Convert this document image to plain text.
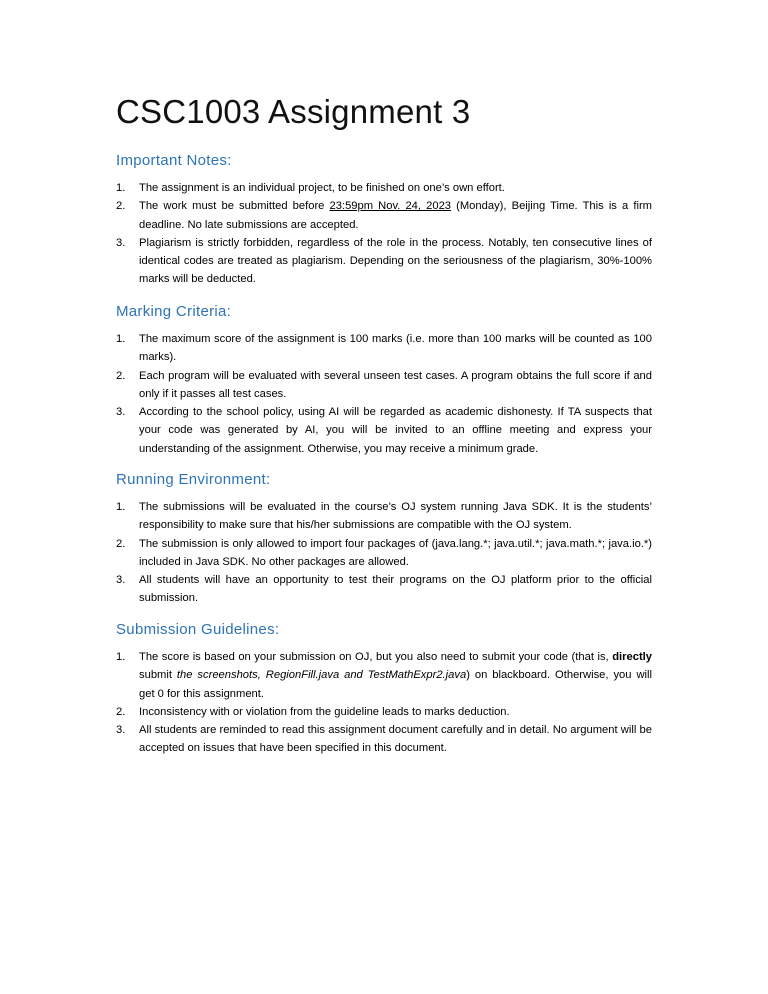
CSC1003 Assignment 3
Important Notes:
1. The assignment is an individual project, to be finished on one’s own effort.
2. The work must be submitted before 23:59pm Nov. 24, 2023 (Monday), Beijing Time. This is a firm deadline. No late submissions are accepted.
3. Plagiarism is strictly forbidden, regardless of the role in the process. Notably, ten consecutive lines of identical codes are treated as plagiarism. Depending on the seriousness of the plagiarism, 30%-100% marks will be deducted.
Marking Criteria:
1. The maximum score of the assignment is 100 marks (i.e. more than 100 marks will be counted as 100 marks).
2. Each program will be evaluated with several unseen test cases. A program obtains the full score if and only if it passes all test cases.
3. According to the school policy, using AI will be regarded as academic dishonesty. If TA suspects that your code was generated by AI, you will be invited to an offline meeting and express your understanding of the assignment. Otherwise, you may receive a minimum grade.
Running Environment:
1. The submissions will be evaluated in the course’s OJ system running Java SDK. It is the students’ responsibility to make sure that his/her submissions are compatible with the OJ system.
2. The submission is only allowed to import four packages of (java.lang.*; java.util.*; java.math.*; java.io.*) included in Java SDK. No other packages are allowed.
3. All students will have an opportunity to test their programs on the OJ platform prior to the official submission.
Submission Guidelines:
1. The score is based on your submission on OJ, but you also need to submit your code (that is, directly submit the screenshots, RegionFill.java and TestMathExpr2.java) on blackboard. Otherwise, you will get 0 for this assignment.
2. Inconsistency with or violation from the guideline leads to marks deduction.
3. All students are reminded to read this assignment document carefully and in detail. No argument will be accepted on issues that have been specified in this document.
